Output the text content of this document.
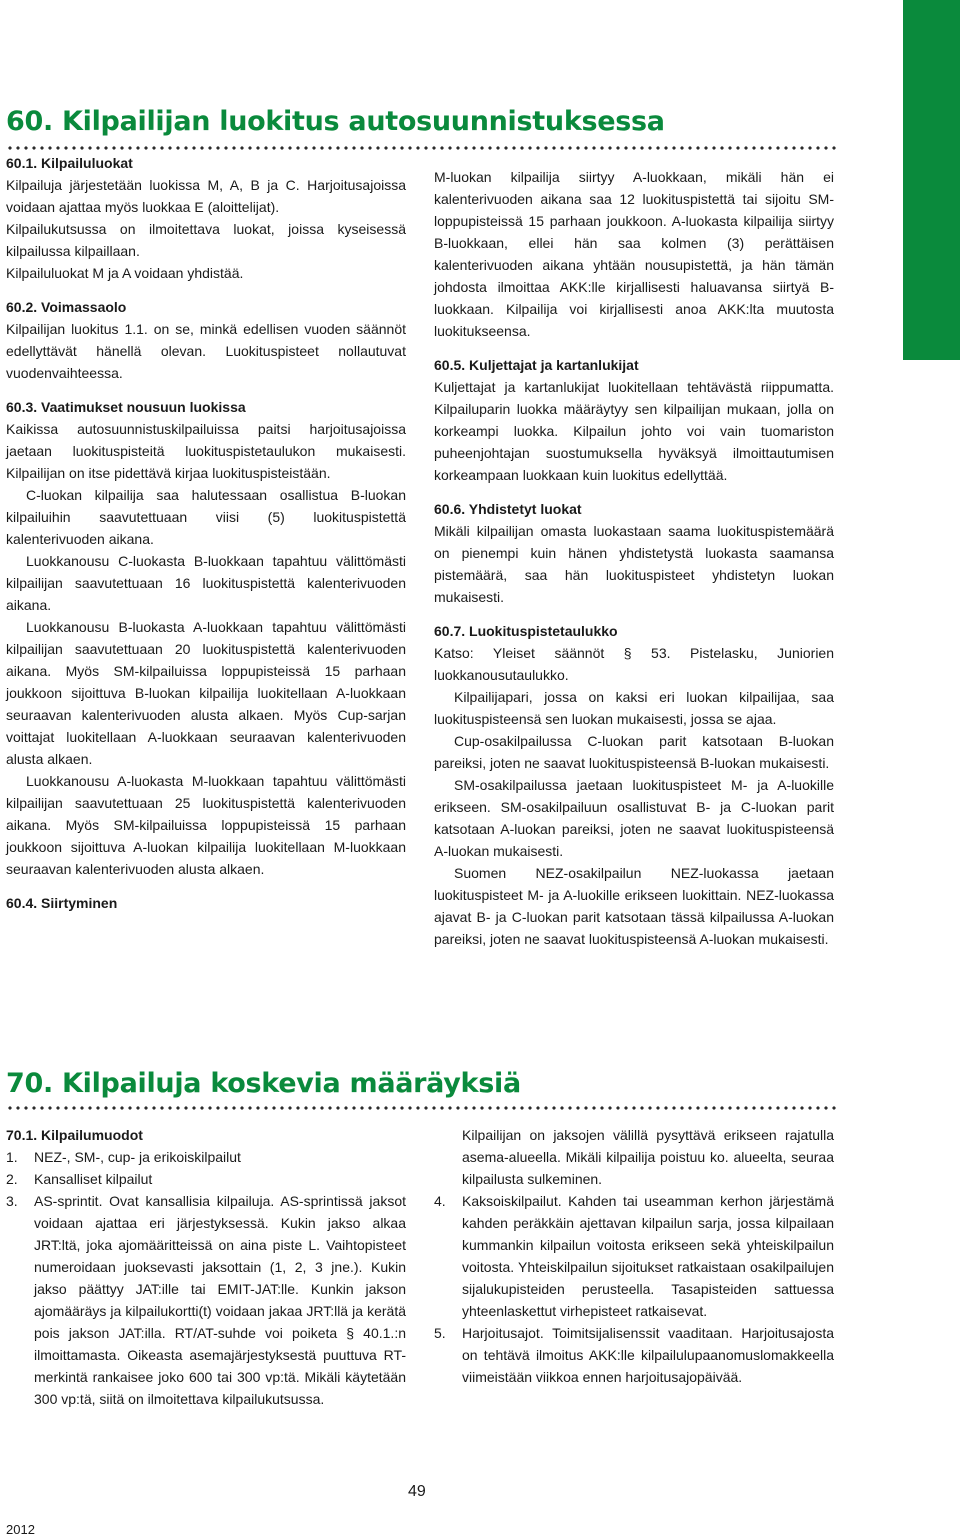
60. Kilpailijan luokitus autosuunnistuksessa

60.1. Kilpailuluokat

Kilpailuja järjestetään luokissa M, A, B ja C. Harjoitusajoissa voidaan ajattaa myös luokkaa E (aloittelijat).

Kilpailukutsussa on ilmoitettava luokat, joissa kyseisessä kilpailussa kilpaillaan.

Kilpailuluokat M ja A voidaan yhdistää.

60.2. Voimassaolo

Kilpailijan luokitus 1.1. on se, minkä edellisen vuoden säännöt edellyttävät hänellä olevan. Luokituspisteet nollautuvat vuodenvaihteessa.

60.3. Vaatimukset nousuun luokissa

Kaikissa autosuunnistuskilpailuissa paitsi harjoitusajoissa jaetaan luokituspisteitä luokituspistetaulukon mukaisesti. Kilpailijan on itse pidettävä kirjaa luokituspisteistään.

C-luokan kilpailija saa halutessaan osallistua B-luokan kilpailuihin saavutettuaan viisi (5) luokituspistettä kalenterivuoden aikana.

Luokkanousu C-luokasta B-luokkaan tapahtuu välittömästi kilpailijan saavutettuaan 16 luokituspistettä kalenterivuoden aikana.

Luokkanousu B-luokasta A-luokkaan tapahtuu välittömästi kilpailijan saavutettuaan 20 luokituspistettä kalenterivuoden aikana. Myös SM-kilpailuissa loppupisteissä 15 parhaan joukkoon sijoittuva B-luokan kilpailija luokitellaan A-luokkaan seuraavan kalenterivuoden alusta alkaen. Myös Cup-sarjan voittajat luokitellaan A-luokkaan seuraavan kalenterivuoden alusta alkaen.

Luokkanousu A-luokasta M-luokkaan tapahtuu välittömästi kilpailijan saavutettuaan 25 luokituspistettä kalenterivuoden aikana. Myös SM-kilpailuissa loppupisteissä 15 parhaan joukkoon sijoittuva A-luokan kilpailija luokitellaan M-luokkaan seuraavan kalenterivuoden alusta alkaen.

60.4. Siirtyminen

M-luokan kilpailija siirtyy A-luokkaan, mikäli hän ei kalenterivuoden aikana saa 12 luokituspistettä tai sijoitu SM-loppupisteissä 15 parhaan joukkoon. A-luokasta kilpailija siirtyy B-luokkaan, ellei hän saa kolmen (3) perättäisen kalenterivuoden aikana yhtään nousupistettä, ja hän tämän johdosta ilmoittaa AKK:lle kirjallisesti haluavansa siirtyä B-luokkaan. Kilpailija voi kirjallisesti anoa AKK:lta muutosta luokitukseensa.

60.5. Kuljettajat ja kartanlukijat

Kuljettajat ja kartanlukijat luokitellaan tehtävästä riippumatta. Kilpailuparin luokka määräytyy sen kilpailijan mukaan, jolla on korkeampi luokka. Kilpailun johto voi vain tuomariston puheenjohtajan suostumuksella hyväksyä ilmoittautumisen korkeampaan luokkaan kuin luokitus edellyttää.

60.6. Yhdistetyt luokat

Mikäli kilpailijan omasta luokastaan saama luokituspistemäärä on pienempi kuin hänen yhdistetystä luokasta saamansa pistemäärä, saa hän luokituspisteet yhdistetyn luokan mukaisesti.

60.7. Luokituspistetaulukko

Katso: Yleiset säännöt § 53. Pistelasku, Juniorien luokkanousutaulukko.

Kilpailijapari, jossa on kaksi eri luokan kilpailijaa, saa luokituspisteensä sen luokan mukaisesti, jossa se ajaa.

Cup-osakilpailussa C-luokan parit katsotaan B-luokan pareiksi, joten ne saavat luokituspisteensä B-luokan mukaisesti.

SM-osakilpailussa jaetaan luokituspisteet M- ja A-luokille erikseen. SM-osakilpailuun osallistuvat B- ja C-luokan parit katsotaan A-luokan pareiksi, joten ne saavat luokituspisteensä A-luokan mukaisesti.

Suomen NEZ-osakilpailun NEZ-luokassa jaetaan luokituspisteet M- ja A-luokille erikseen luokittain. NEZ-luokassa ajavat B- ja C-luokan parit katsotaan tässä kilpailussa A-luokan pareiksi, joten ne saavat luokituspisteensä A-luokan mukaisesti.

70. Kilpailuja koskevia määräyksiä

70.1. Kilpailumuodot

1.	NEZ-, SM-, cup- ja erikoiskilpailut
2.	Kansalliset kilpailut
3.	AS-sprintit. Ovat kansallisia kilpailuja. AS-sprintissä jaksot voidaan ajattaa eri järjestyksessä. Kukin jakso alkaa JRT:ltä, joka ajomääritteissä on aina piste L. Vaihtopisteet numeroidaan juoksevasti jaksottain (1, 2, 3 jne.). Kukin jakso päättyy JAT:ille tai EMIT-JAT:lle. Kunkin jakson ajomääräys ja kilpailukortti(t) voidaan jakaa JRT:llä ja kerätä pois jakson JAT:illa. RT/AT-suhde voi poiketa § 40.1.:n ilmoittamasta. Oikeasta asemajärjestyksestä puuttuva RT-merkintä rankaisee joko 600 tai 300 vp:tä. Mikäli käytetään 300 vp:tä, siitä on ilmoitettava kilpailukutsussa.
Kilpailijan on jaksojen välillä pysyttävä erikseen rajatulla asema-alueella. Mikäli kilpailija poistuu ko. alueelta, seuraa kilpailusta sulkeminen.
4.	Kaksoiskilpailut. Kahden tai useamman kerhon järjestämä kahden peräkkäin ajettavan kilpailun sarja, jossa kilpailaan kummankin kilpailun voitosta erikseen sekä yhteiskilpailun voitosta. Yhteiskilpailun sijoitukset ratkaistaan osakilpailujen sijalukupisteiden perusteella. Tasapisteiden sattuessa yhteenlaskettut virhepisteet ratkaisevat.
5.	Harjoitusajot. Toimitsijalisenssit vaaditaan. Harjoitusajosta on tehtävä ilmoitus AKK:lle kilpailulupaanomuslomakkeella viimeistään viikkoa ennen harjoitusajopäivää.
49
2012
